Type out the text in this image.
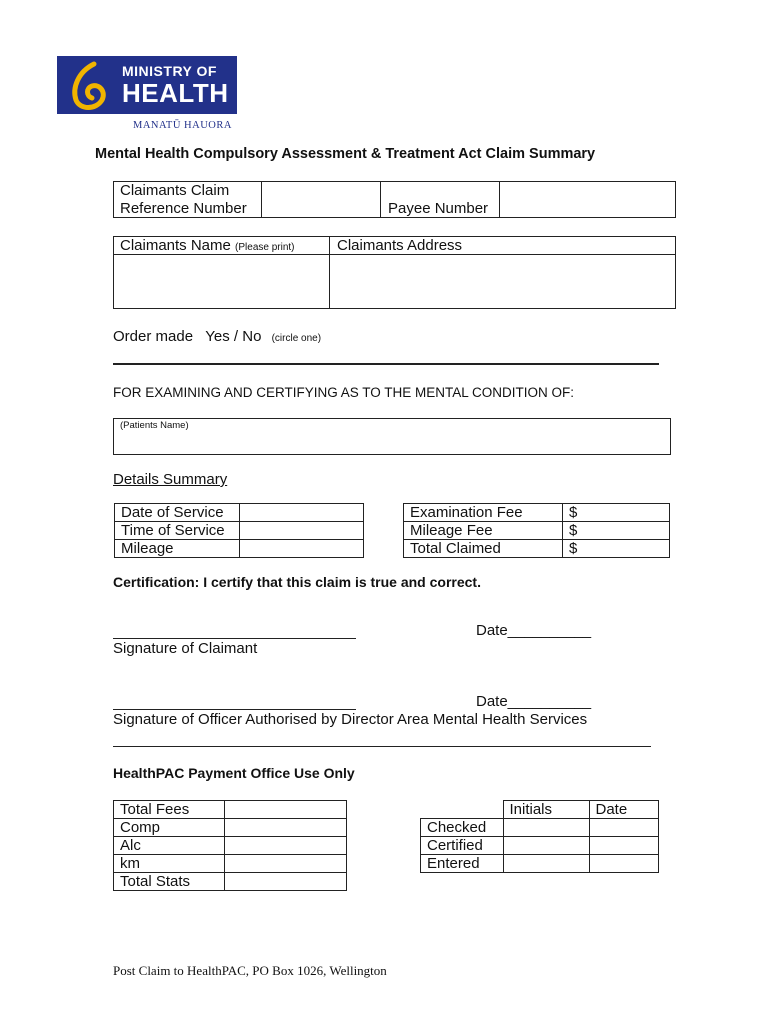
MINISTRY OF
HEALTH
MANATŪ HAUORA
Mental Health Compulsory Assessment & Treatment Act Claim Summary
Claimants Claim
Reference Number	Payee Number
Claimants Name (Please print)	Claimants Address
Order made   Yes / No (circle one)
FOR EXAMINING AND CERTIFYING AS TO THE MENTAL CONDITION OF:
(Patients Name)
Details Summary
Date of Service	
Time of Service	
Mileage	
Examination Fee	$
Mileage Fee	$
Total Claimed	$
Certification: I certify that this claim is true and correct.
Date__________
Signature of Claimant
Date__________
Signature of Officer Authorised by Director Area Mental Health Services
HealthPAC Payment Office Use Only
Total Fees	
Comp	
Alc	
km	
Total Stats	
	Initials	Date
Checked		
Certified		
Entered		
Post Claim to HealthPAC, PO Box 1026, Wellington
